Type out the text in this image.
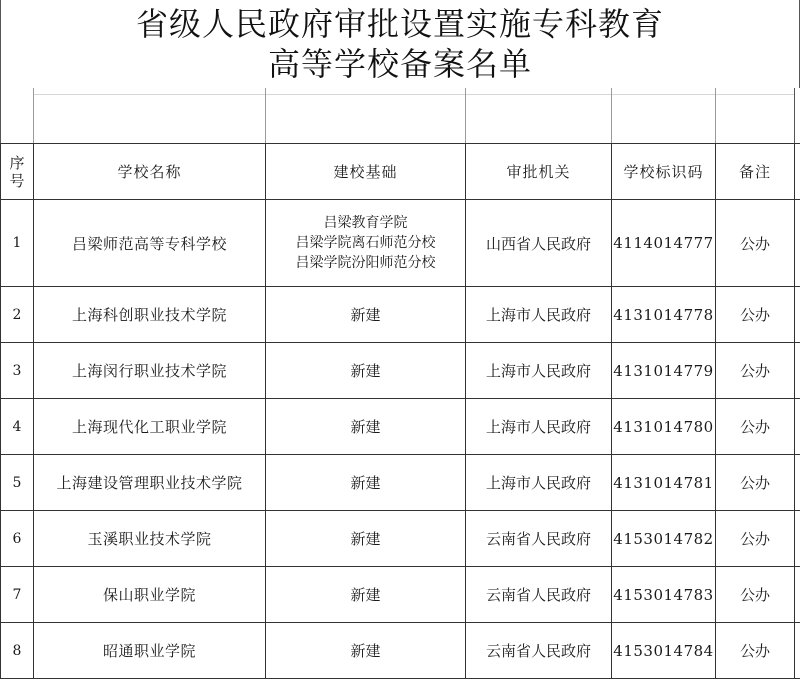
省级人民政府审批设置实施专科教育
高等学校备案名单
序
号	学校名称	建校基础	审批机关	学校标识码	备注	
1	吕梁师范高等专科学校	吕梁教育学院
吕梁学院离石师范分校
吕梁学院汾阳师范分校	山西省人民政府	4114014777	公办	
2	上海科创职业技术学院	新建	上海市人民政府	4131014778	公办	
3	上海闵行职业技术学院	新建	上海市人民政府	4131014779	公办	
4	上海现代化工职业学院	新建	上海市人民政府	4131014780	公办	
5	上海建设管理职业技术学院	新建	上海市人民政府	4131014781	公办	
6	玉溪职业技术学院	新建	云南省人民政府	4153014782	公办	
7	保山职业学院	新建	云南省人民政府	4153014783	公办	
8	昭通职业学院	新建	云南省人民政府	4153014784	公办	
